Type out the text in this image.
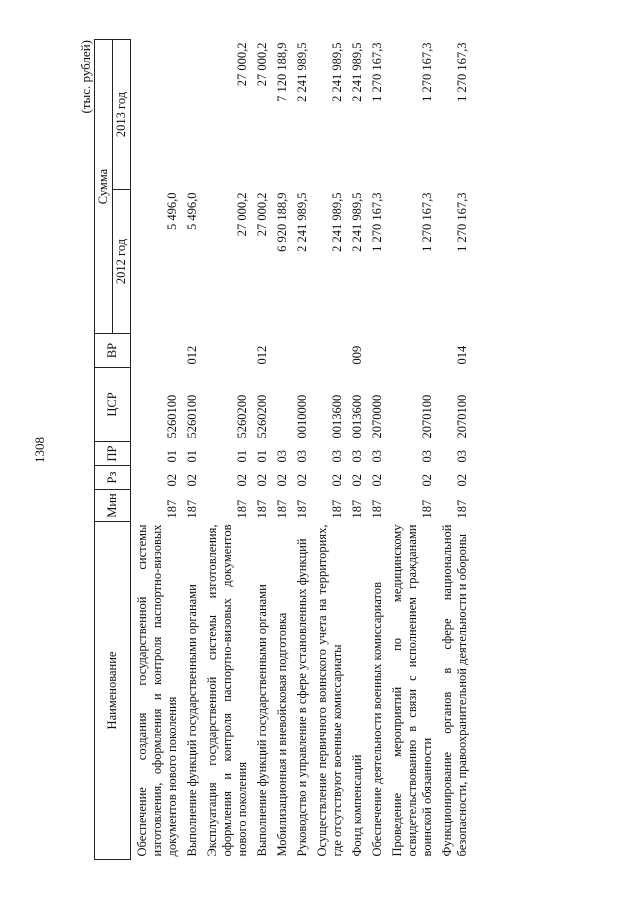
1308
(тыс. рублей)
Наименование	Мин	Рз	ПР	ЦСР	ВР	Сумма	
						2012 год	2013 год
Обеспечение создания государственной системы изготовления, оформления и контроля паспортно-визовых документов нового поколения	187	02	01	5260100		5 496,0	
Выполнение функций государственными органами	187	02	01	5260100	012	5 496,0	
Эксплуатация государственной системы изготовления, оформления и контроля паспортно-визовых документов нового поколения	187	02	01	5260200		27 000,2	27 000,2
Выполнение функций государственными органами	187	02	01	5260200	012	27 000,2	27 000,2
Мобилизационная и вневойсковая подготовка	187	02	03			6 920 188,9	7 120 188,9
Руководство и управление в сфере установленных функций	187	02	03	0010000		2 241 989,5	2 241 989,5
Осуществление первичного воинского учета на территориях, где отсутствуют военные комиссариаты	187	02	03	0013600		2 241 989,5	2 241 989,5
Фонд компенсаций	187	02	03	0013600	009	2 241 989,5	2 241 989,5
Обеспечение деятельности военных комиссариатов	187	02	03	2070000		1 270 167,3	1 270 167,3
Проведение мероприятий по медицинскому освидетельствованию в связи с исполнением гражданами воинской обязанности	187	02	03	2070100		1 270 167,3	1 270 167,3
Функционирование органов в сфере национальной безопасности, правоохранительной деятельности и обороны	187	02	03	2070100	014	1 270 167,3	1 270 167,3
